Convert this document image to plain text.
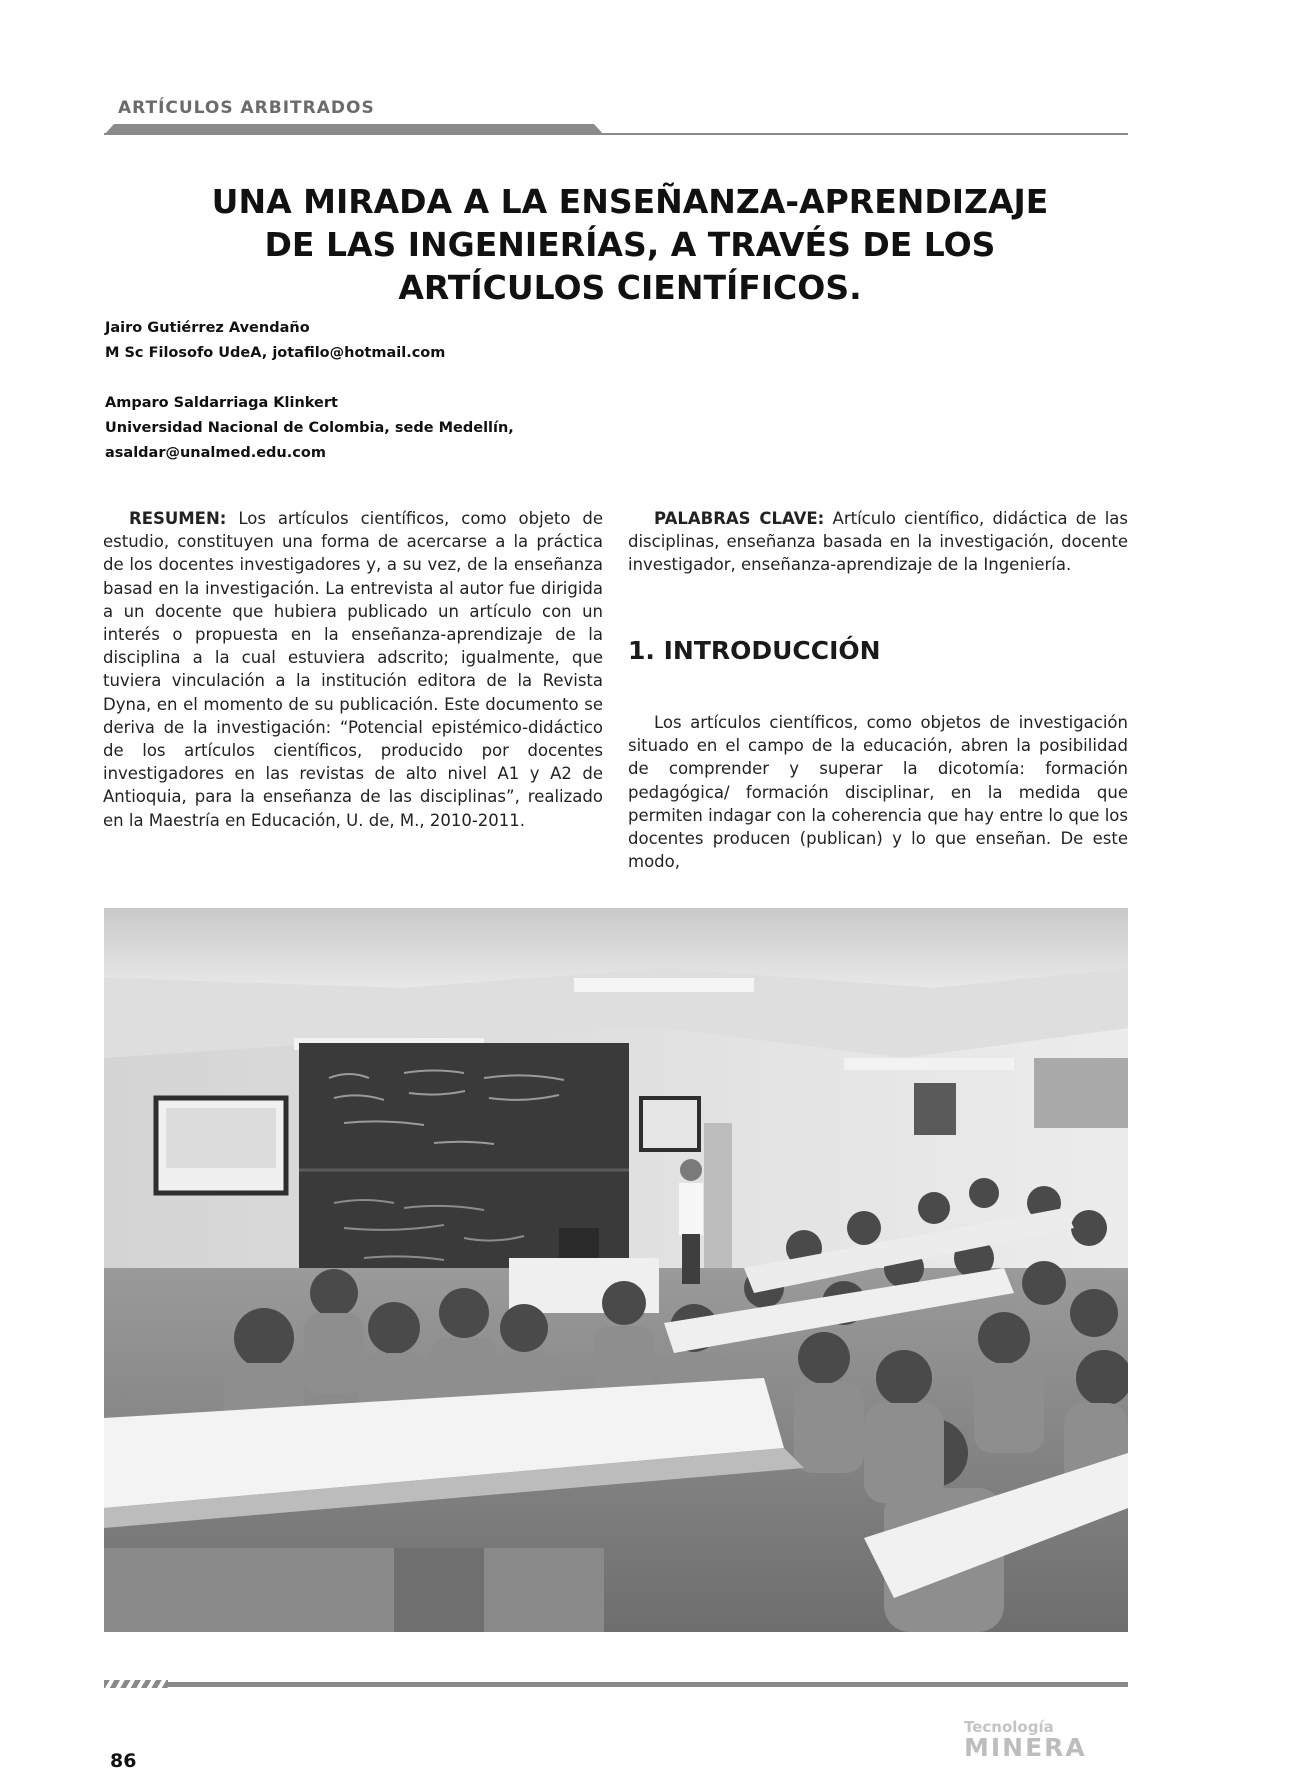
ARTÍCULOS ARBITRADOS
UNA MIRADA A LA ENSEÑANZA-APRENDIZAJE
DE LAS INGENIERÍAS, A TRAVÉS DE LOS
ARTÍCULOS CIENTÍFICOS.
Jairo Gutiérrez Avendaño
M Sc Filosofo UdeA, jotafilo@hotmail.com
Amparo Saldarriaga Klinkert
Universidad Nacional de Colombia, sede Medellín,
asaldar@unalmed.edu.com

RESUMEN: Los artículos científicos, como objeto de estudio, constituyen una forma de acercarse a la práctica de los docentes investigadores y, a su vez, de la enseñanza basad en la investigación. La entrevista al autor fue dirigida a un docente que hubiera publicado un artículo con un interés o propuesta en la enseñanza-aprendizaje de la disciplina a la cual estuviera adscrito; igualmente, que tuviera vinculación a la institución editora de la Revista Dyna, en el momento de su publicación. Este documento se deriva de la investigación: “Potencial epistémico-didáctico de los artículos científicos, producido por docentes investigadores en las revistas de alto nivel A1 y A2 de Antioquia, para la enseñanza de las disciplinas”, realizado en la Maestría en Educación, U. de, M., 2010-2011.

PALABRAS CLAVE: Artículo científico, didáctica de las disciplinas, enseñanza basada en la investigación, docente investigador, enseñanza-aprendizaje de la Ingeniería.

1. INTRODUCCIÓN

Los artículos científicos, como objetos de investigación situado en el campo de la educación, abren la posibilidad de comprender y superar la dicotomía: formación pedagógica/ formación disciplinar, en la medida que permiten indagar con la coherencia que hay entre lo que los docentes producen (publican) y lo que enseñan. De este modo,

86
Tecnología
MINERA
